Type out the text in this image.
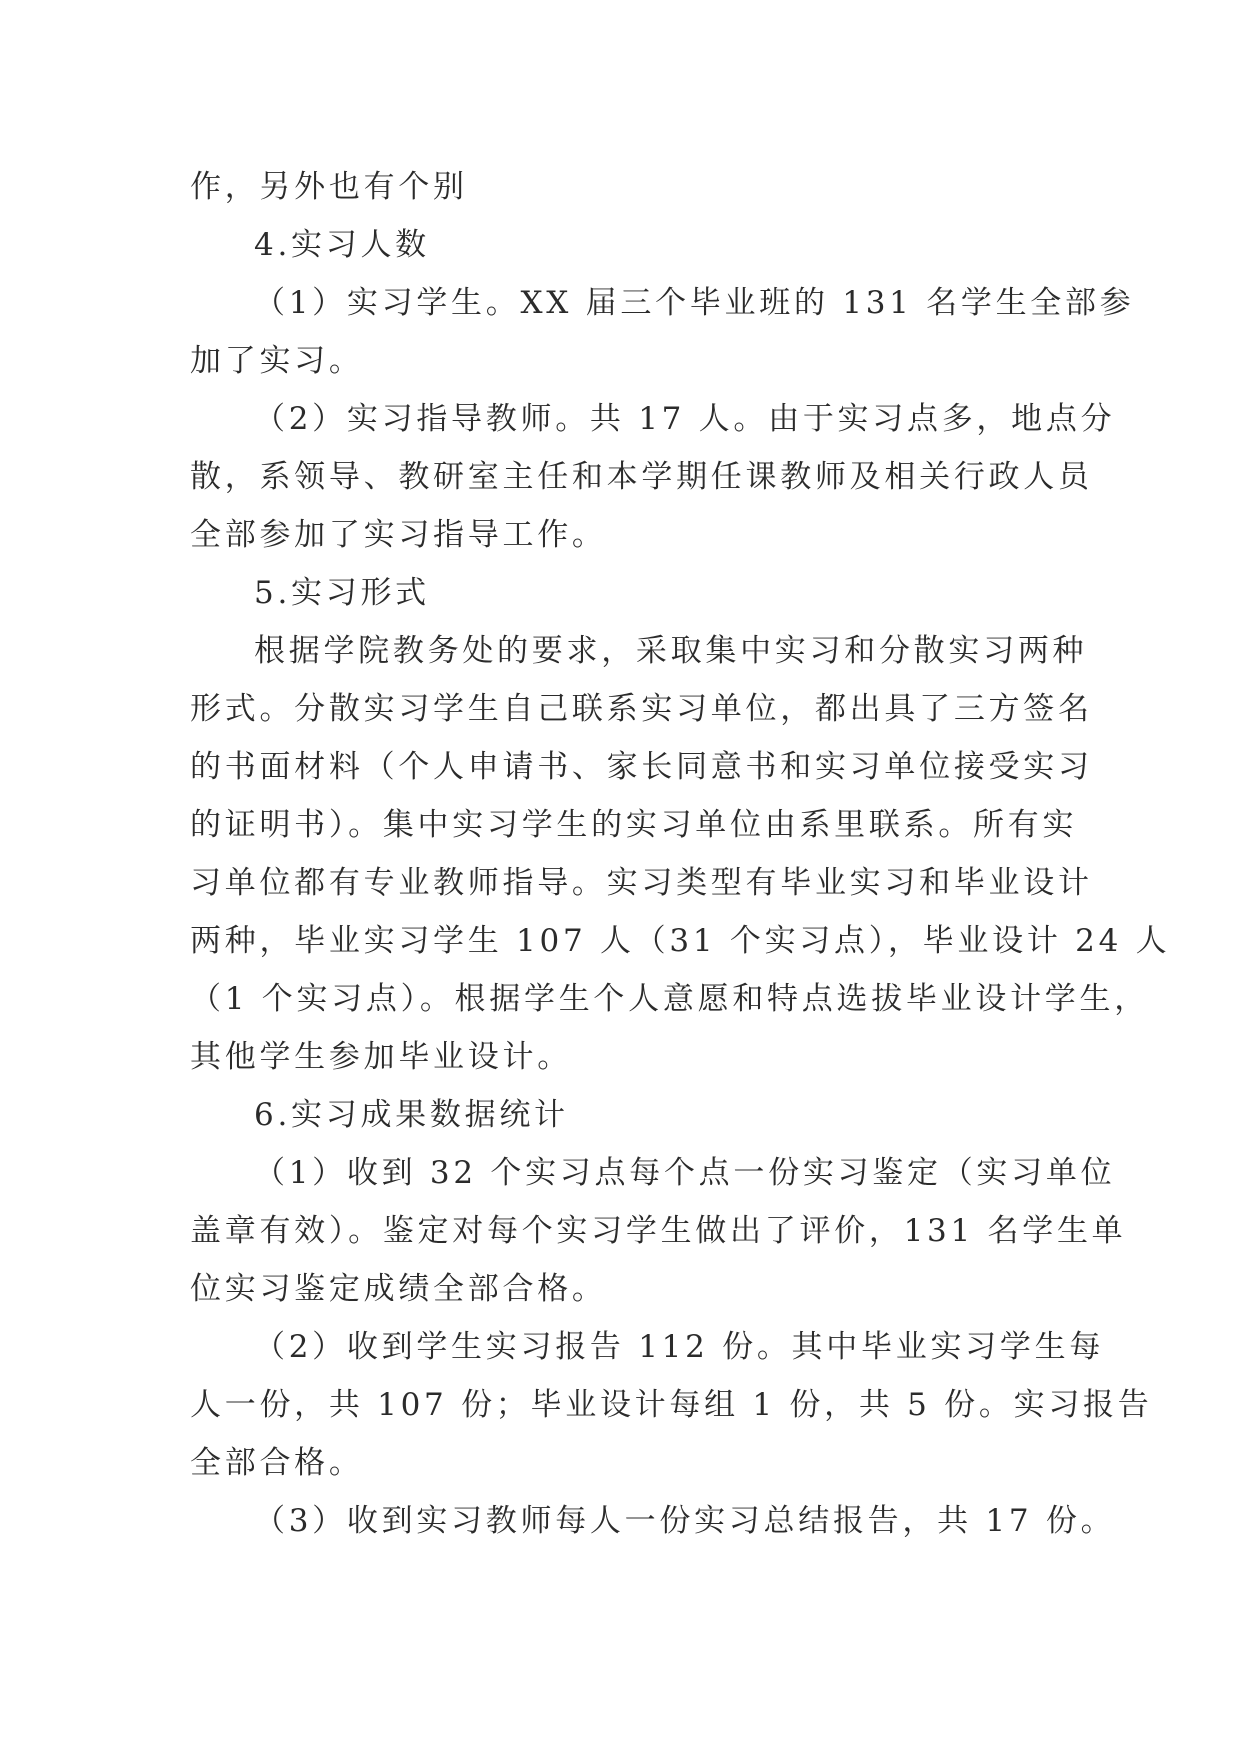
作，另外也有个别
4.实习人数
（1）实习学生。XX 届三个毕业班的 131 名学生全部参
加了实习。
（2）实习指导教师。共 17 人。由于实习点多，地点分
散，系领导、教研室主任和本学期任课教师及相关行政人员
全部参加了实习指导工作。
5.实习形式
根据学院教务处的要求，采取集中实习和分散实习两种
形式。分散实习学生自己联系实习单位，都出具了三方签名
的书面材料（个人申请书、家长同意书和实习单位接受实习
的证明书）。集中实习学生的实习单位由系里联系。所有实
习单位都有专业教师指导。实习类型有毕业实习和毕业设计
两种，毕业实习学生 107 人（31 个实习点），毕业设计 24 人
（1 个实习点）。根据学生个人意愿和特点选拔毕业设计学生，
其他学生参加毕业设计。
6.实习成果数据统计
（1）收到 32 个实习点每个点一份实习鉴定（实习单位
盖章有效）。鉴定对每个实习学生做出了评价，131 名学生单
位实习鉴定成绩全部合格。
（2）收到学生实习报告 112 份。其中毕业实习学生每
人一份，共 107 份；毕业设计每组 1 份，共 5 份。实习报告
全部合格。
（3）收到实习教师每人一份实习总结报告，共 17 份。
